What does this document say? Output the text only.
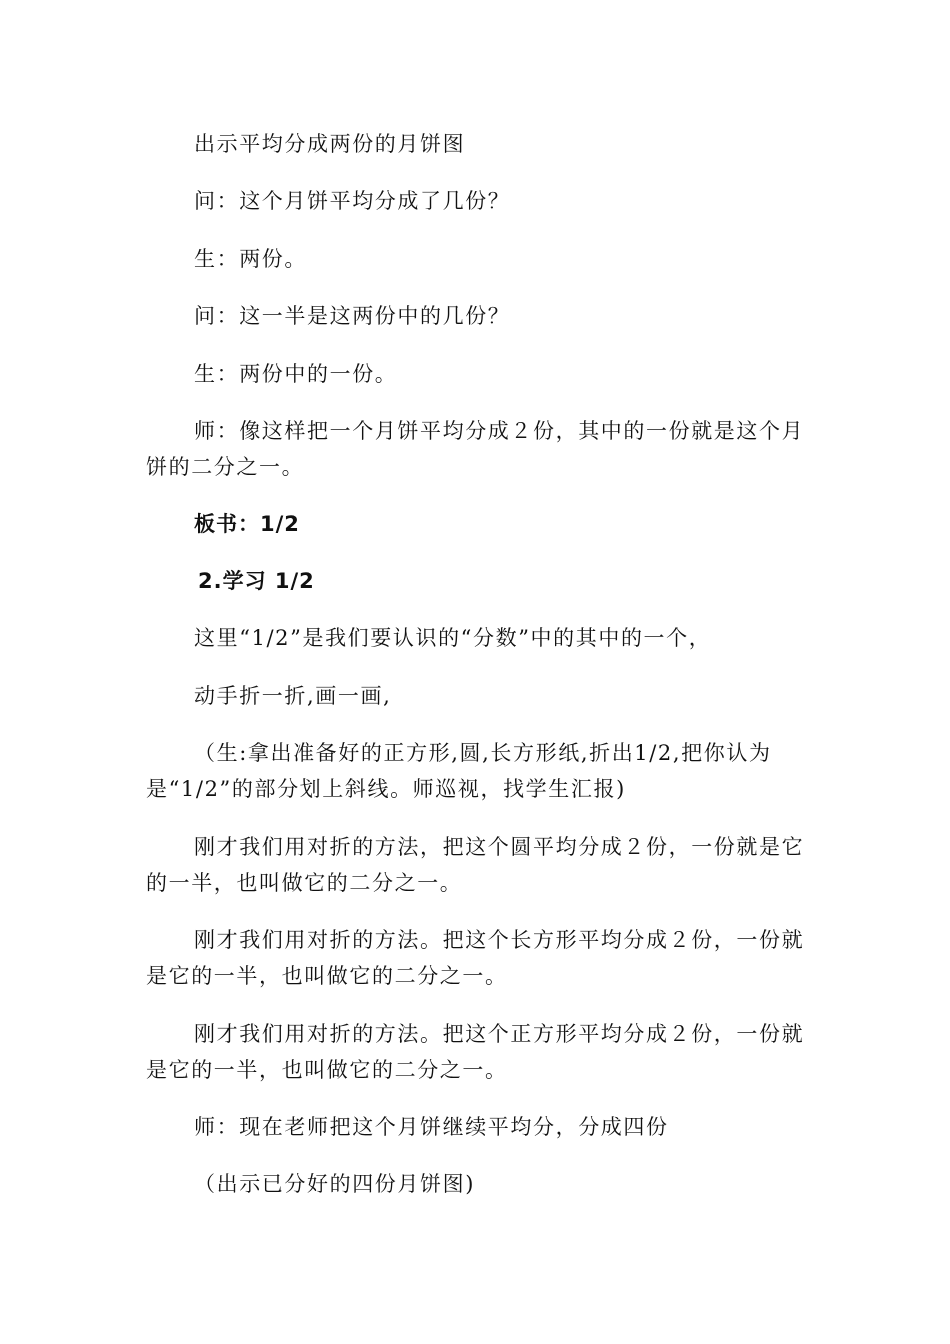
出示平均分成两份的月饼图

问：这个月饼平均分成了几份？

生：两份。

问：这一半是这两份中的几份？

生：两份中的一份。

师：像这样把一个月饼平均分成２份，其中的一份就是这个月饼的二分之一。

板书：1/2

2.学习 1/2

这里“1/2”是我们要认识的“分数”中的其中的一个，

动手折一折,画一画,

（生:拿出准备好的正方形,圆,长方形纸,折出1/2,把你认为是“1/2”的部分划上斜线。师巡视，找学生汇报)

刚才我们用对折的方法，把这个圆平均分成２份，一份就是它的一半，也叫做它的二分之一。

刚才我们用对折的方法。把这个长方形平均分成２份，一份就是它的一半，也叫做它的二分之一。

刚才我们用对折的方法。把这个正方形平均分成２份，一份就是它的一半，也叫做它的二分之一。

师：现在老师把这个月饼继续平均分，分成四份

（出示已分好的四份月饼图)
